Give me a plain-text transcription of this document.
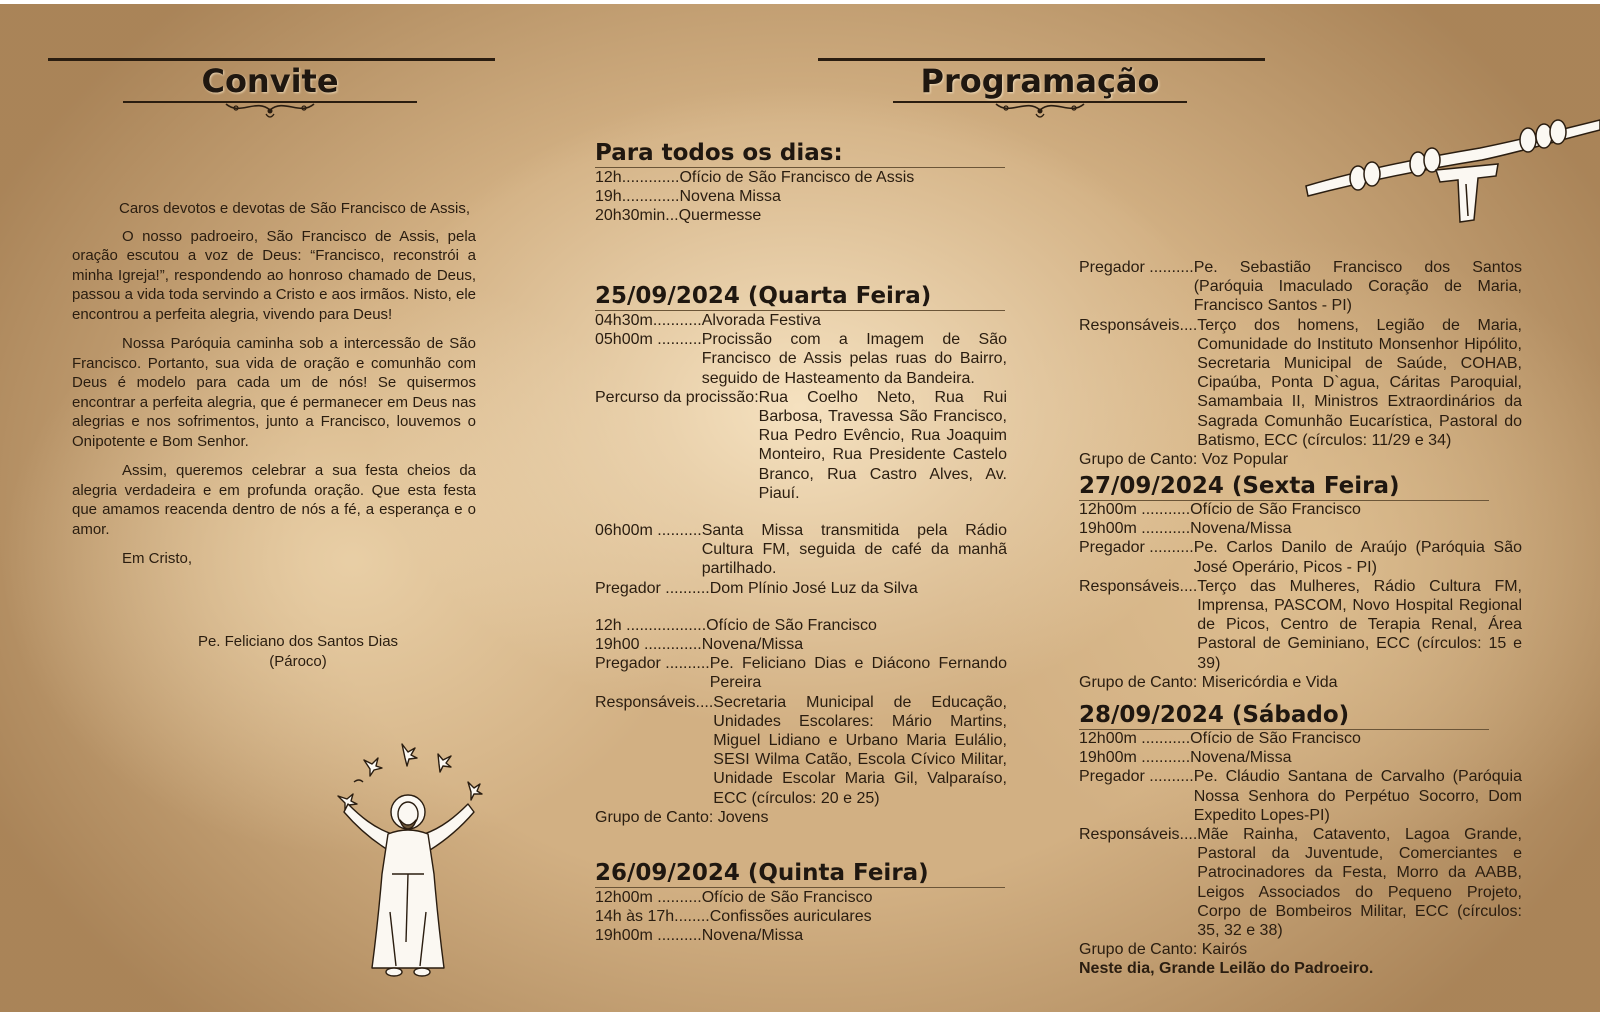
Convite

Caros devotos e devotas de São Francisco de Assis,

O nosso padroeiro, São Francisco de Assis, pela oração escutou a voz de Deus: “Francisco, reconstrói a minha Igreja!”, respondendo ao honroso chamado de Deus, passou a vida toda servindo a Cristo e aos irmãos. Nisto, ele encontrou a perfeita alegria, vivendo para Deus!

Nossa Paróquia caminha sob a intercessão de São Francisco. Portanto, sua vida de oração e comunhão com Deus é modelo para cada um de nós! Se quisermos encontrar a perfeita alegria, que é permanecer em Deus nas alegrias e nos sofrimentos, junto a Francisco, louvemos o Onipotente e Bom Senhor.

Assim, queremos celebrar a sua festa cheios da alegria verdadeira e em profunda oração. Que esta festa que amamos reacenda dentro de nós a fé, a esperança e o amor.

Em Cristo,

Pe. Feliciano dos Santos Dias
(Pároco)
Programação
Para todos os dias:
12h............. Ofício de São Francisco de Assis
19h............. Novena Missa
20h30min... Quermesse
25/09/2024 (Quarta Feira)
04h30m........... Alvorada Festiva
05h00m .......... Procissão com a Imagem de São Francisco de Assis pelas ruas do Bairro, seguido de Hasteamento da Bandeira.
Percurso da procissão: Rua Coelho Neto, Rua Rui Barbosa, Travessa São Francisco, Rua Pedro Evêncio, Rua Joaquim Monteiro, Rua Presidente Castelo Branco, Rua Castro Alves, Av. Piauí.
06h00m .......... Santa Missa transmitida pela Rádio Cultura FM, seguida de café da manhã partilhado.
Pregador .......... Dom Plínio José Luz da Silva
12h .................. Ofício de São Francisco
19h00 ............. Novena/Missa
Pregador .......... Pe. Feliciano Dias e Diácono Fernando Pereira
Responsáveis.... Secretaria Municipal de Educação, Unidades Escolares: Mário Martins, Miguel Lidiano e Urbano Maria Eulálio, SESI Wilma Catão, Escola Cívico Militar, Unidade Escolar Maria Gil, Valparaíso, ECC (círculos: 20 e 25)
Grupo de Canto: Jovens
26/09/2024 (Quinta Feira)
12h00m .......... Ofício de São Francisco
14h às 17h........ Confissões auriculares
19h00m .......... Novena/Missa
Pregador .......... Pe. Sebastião Francisco dos Santos (Paróquia Imaculado Coração de Maria, Francisco Santos - PI)
Responsáveis.... Terço dos homens, Legião de Maria, Comunidade do Instituto Monsenhor Hipólito, Secretaria Municipal de Saúde, COHAB, Cipaúba, Ponta D`agua, Cáritas Paroquial, Samambaia II, Ministros Extraordinários da Sagrada Comunhão Eucarística, Pastoral do Batismo, ECC (círculos: 11/29 e 34)
Grupo de Canto: Voz Popular
27/09/2024 (Sexta Feira)
12h00m ........... Ofício de São Francisco
19h00m ........... Novena/Missa
Pregador .......... Pe. Carlos Danilo de Araújo (Paróquia São José Operário, Picos - PI)
Responsáveis.... Terço das Mulheres, Rádio Cultura FM, Imprensa, PASCOM, Novo Hospital Regional de Picos, Centro de Terapia Renal, Área Pastoral de Geminiano, ECC (círculos: 15 e 39)
Grupo de Canto: Misericórdia e Vida
28/09/2024 (Sábado)
12h00m ........... Ofício de São Francisco
19h00m ........... Novena/Missa
Pregador .......... Pe. Cláudio Santana de Carvalho (Paróquia Nossa Senhora do Perpétuo Socorro, Dom Expedito Lopes-PI)
Responsáveis.... Mãe Rainha, Catavento, Lagoa Grande, Pastoral da Juventude, Comerciantes e Patrocinadores da Festa, Morro da AABB, Leigos Associados do Pequeno Projeto, Corpo de Bombeiros Militar, ECC (círculos: 35, 32 e 38)
Grupo de Canto: Kairós
Neste dia, Grande Leilão do Padroeiro.
